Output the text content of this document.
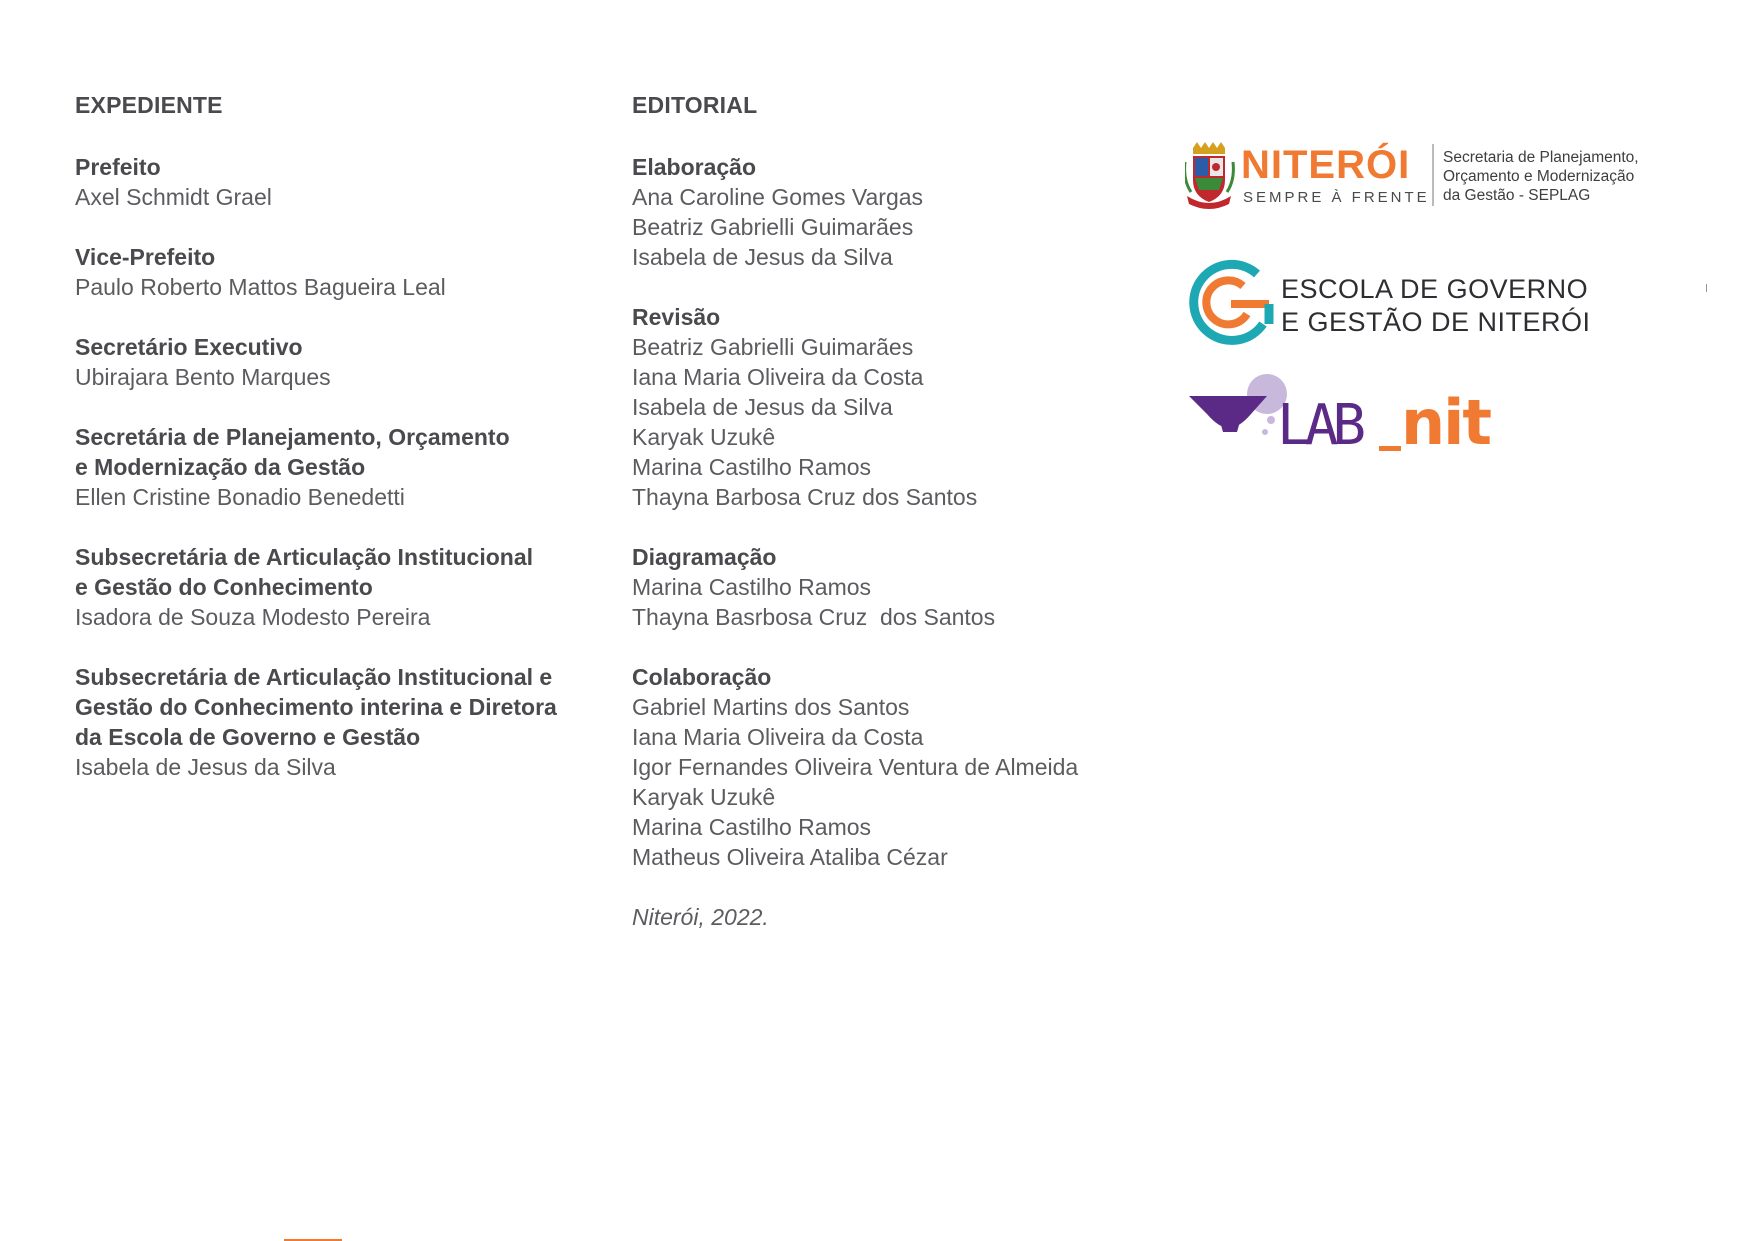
EXPEDIENTE

Prefeito

Axel Schmidt Grael

Vice-Prefeito

Paulo Roberto Mattos Bagueira Leal

Secretário Executivo

Ubirajara Bento Marques

Secretária de Planejamento, Orçamento

e Modernização da Gestão

Ellen Cristine Bonadio Benedetti

Subsecretária de Articulação Institucional

e Gestão do Conhecimento

Isadora de Souza Modesto Pereira

Subsecretária de Articulação Institucional e

Gestão do Conhecimento interina e Diretora

da Escola de Governo e Gestão

Isabela de Jesus da Silva

EDITORIAL

Elaboração

Ana Caroline Gomes Vargas

Beatriz Gabrielli Guimarães

Isabela de Jesus da Silva

Revisão

Beatriz Gabrielli Guimarães

Iana Maria Oliveira da Costa

Isabela de Jesus da Silva

Karyak Uzukê

Marina Castilho Ramos

Thayna Barbosa Cruz dos Santos

Diagramação

Marina Castilho Ramos

Thayna Basrbosa Cruz  dos Santos

Colaboração

Gabriel Martins dos Santos

Iana Maria Oliveira da Costa

Igor Fernandes Oliveira Ventura de Almeida

Karyak Uzukê

Marina Castilho Ramos

Matheus Oliveira Ataliba Cézar

Niterói, 2022.
NITERÓI
SEMPRE À FRENTE
Secretaria de Planejamento,
Orçamento e Modernização
da Gestão - SEPLAG
ESCOLA DE GOVERNO
E GESTÃO DE NITERÓI
LAB nit
